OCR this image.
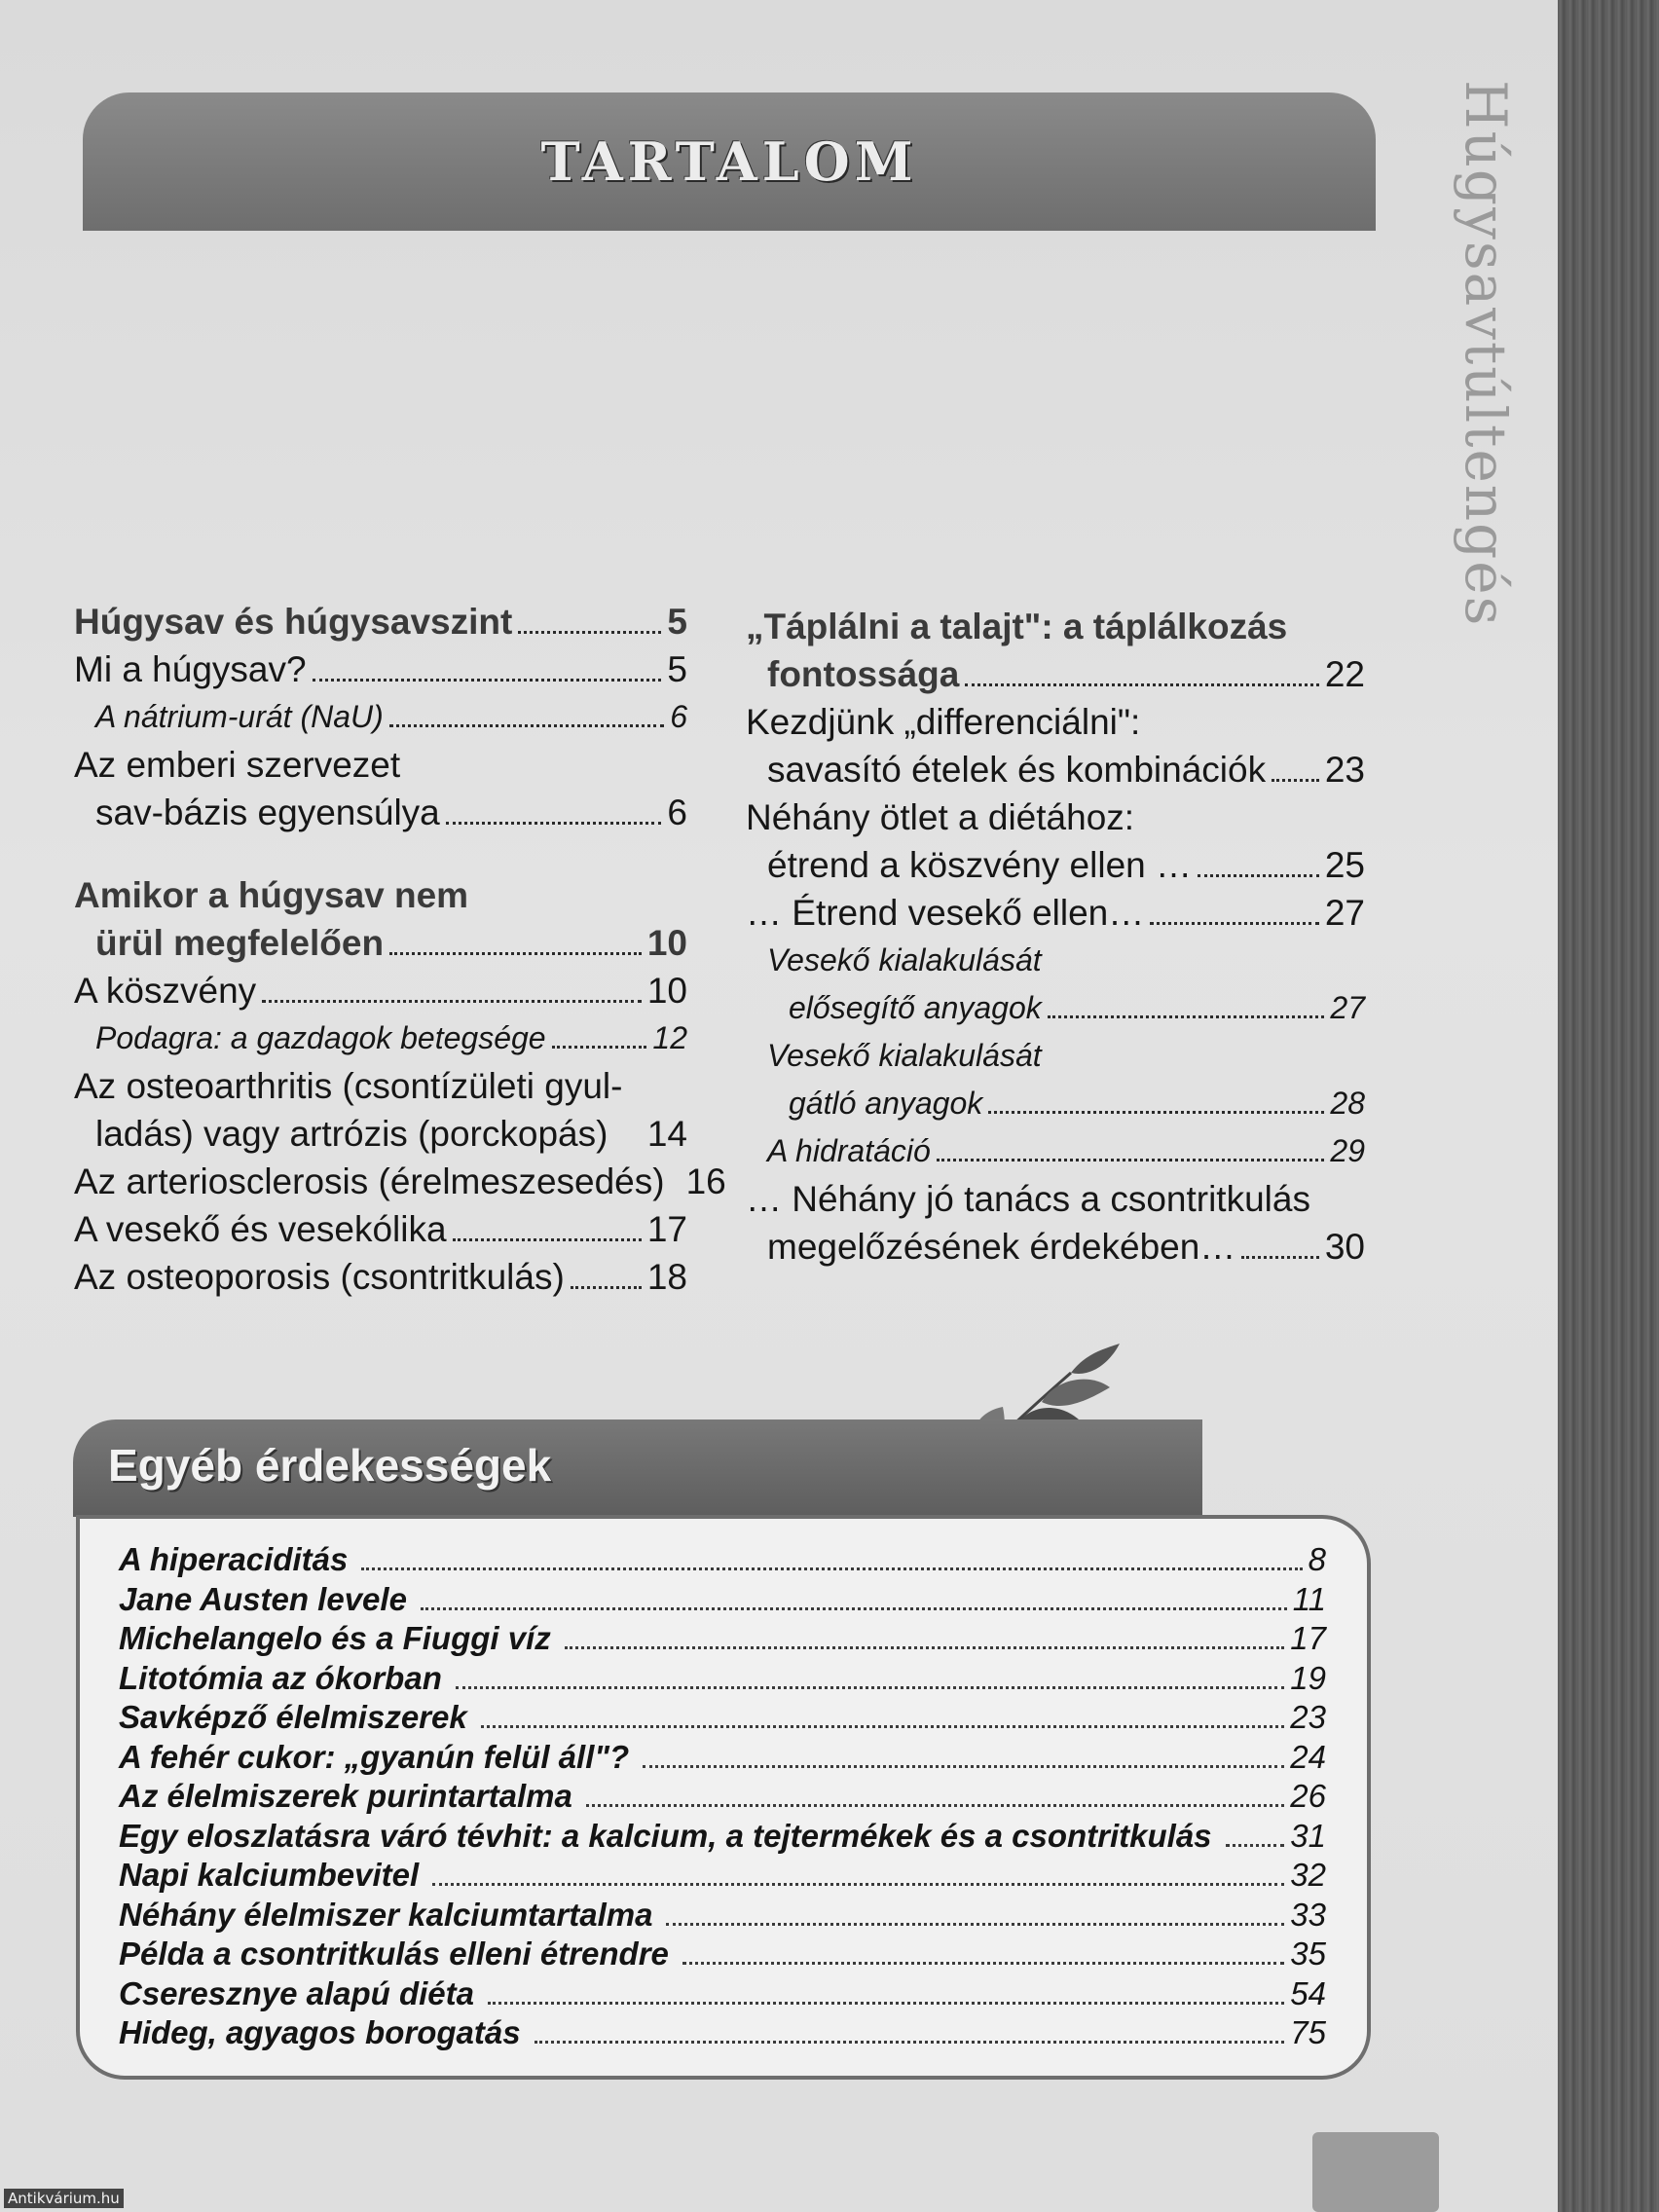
TARTALOM	Húgysavtúltengés
Húgysav és húgysavszint	5
Mi a húgysav?	5
A nátrium-urát (NaU)	6
Az emberi szervezet
sav-bázis egyensúlya	6
Amikor a húgysav nem
ürül megfelelően	10
A köszvény	10
Podagra: a gazdagok betegsége	12
Az osteoarthritis (csontízületi gyul-
ladás) vagy artrózis (porckopás) 14
Az arteriosclerosis (érelmeszesedés) 16
A vesekő és vesekólika	17
Az osteoporosis (csontritkulás) 18
„Táplálni a talajt": a táplálkozás
fontossága	22
Kezdjünk „differenciálni":
savasító ételek és kombinációk 23
Néhány ötlet a diétához:
étrend a köszvény ellen …	25
… Étrend vesekő ellen…	27
Vesekő kialakulását
elősegítő anyagok	27
Vesekő kialakulását
gátló anyagok	28
A hidratáció	29
… Néhány jó tanács a csontritkulás
megelőzésének érdekében… 30
Egyéb érdekességek
A hiperaciditás	8
Jane Austen levele	11
Michelangelo és a Fiuggi víz	17
Litotómia az ókorban	19
Savképző élelmiszerek	23
A fehér cukor: „gyanún felül áll"?	24
Az élelmiszerek purintartalma	26
Egy eloszlatásra váró tévhit: a kalcium, a tejtermékek és a csontritkulás 31
Napi kalciumbevitel	32
Néhány élelmiszer kalciumtartalma	33
Példa a csontritkulás elleni étrendre	35
Cseresznye alapú diéta	54
Hideg, agyagos borogatás	75
Antikvárium.hu
